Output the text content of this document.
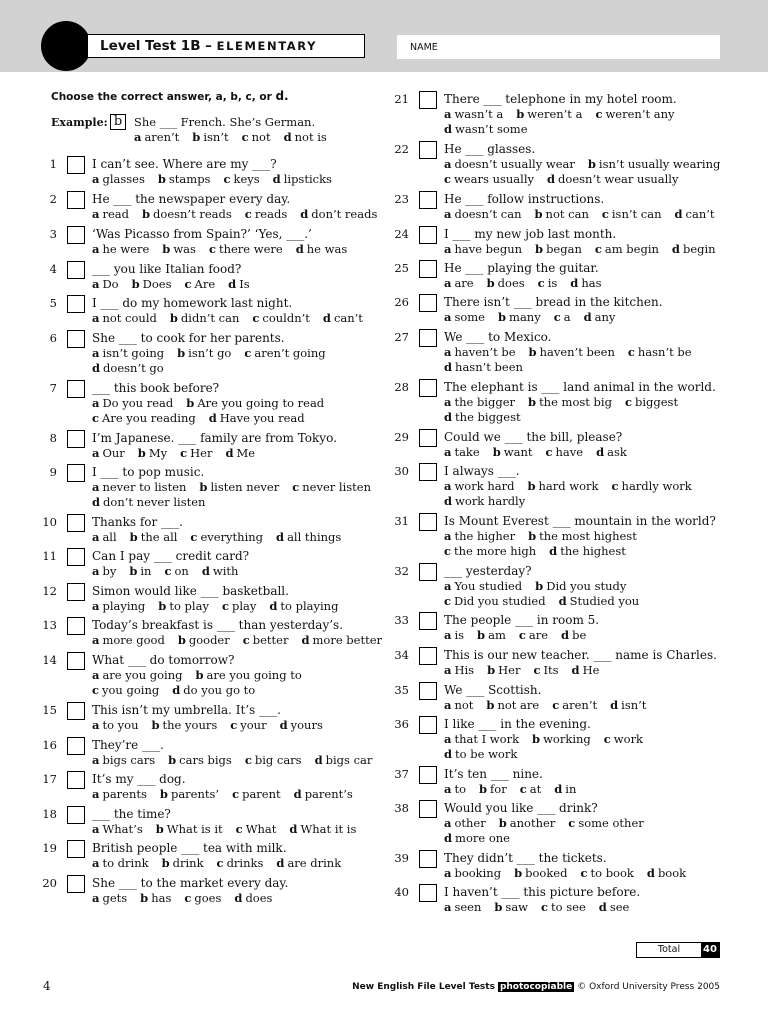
Level Test 1B – ELEMENTARY	NAME
Choose the correct answer, a, b, c, or d.
Example: b	She ___ French. She’s German.
a aren’t b isn’t c not d not is
1	I can’t see. Where are my ___?
a glasses b stamps c keys d lipsticks
2	He ___ the newspaper every day.
a read b doesn’t reads c reads d don’t reads
3	‘Was Picasso from Spain?’ ‘Yes, ___.’
a he were b was c there were d he was
4	___ you like Italian food?
a Do b Does c Are d Is
5	I ___ do my homework last night.
a not could b didn’t can c couldn’t d can’t
6	She ___ to cook for her parents.
a isn’t going b isn’t go c aren’t going
d doesn’t go
7	___ this book before?
a Do you read b Are you going to read
c Are you reading d Have you read
8	I’m Japanese. ___ family are from Tokyo.
a Our b My c Her d Me
9	I ___ to pop music.
a never to listen b listen never c never listen
d don’t never listen
10	Thanks for ___.
a all b the all c everything d all things
11	Can I pay ___ credit card?
a by b in c on d with
12	Simon would like ___ basketball.
a playing b to play c play d to playing
13	Today’s breakfast is ___ than yesterday’s.
a more good b gooder c better d more better
14	What ___ do tomorrow?
a are you going b are you going to
c you going d do you go to
15	This isn’t my umbrella. It’s ___.
a to you b the yours c your d yours
16	They’re ___.
a bigs cars b cars bigs c big cars d bigs car
17	It’s my ___ dog.
a parents b parents’ c parent d parent’s
18	___ the time?
a What’s b What is it c What d What it is
19	British people ___ tea with milk.
a to drink b drink c drinks d are drink
20	She ___ to the market every day.
a gets b has c goes d does
21	There ___ telephone in my hotel room.
a wasn’t a b weren’t a c weren’t any
d wasn’t some
22	He ___ glasses.
a doesn’t usually wear b isn’t usually wearing
c wears usually d doesn’t wear usually
23	He ___ follow instructions.
a doesn’t can b not can c isn’t can d can’t
24	I ___ my new job last month.
a have begun b began c am begin d begin
25	He ___ playing the guitar.
a are b does c is d has
26	There isn’t ___ bread in the kitchen.
a some b many c a d any
27	We ___ to Mexico.
a haven’t be b haven’t been c hasn’t be
d hasn’t been
28	The elephant is ___ land animal in the world.
a the bigger b the most big c biggest
d the biggest
29	Could we ___ the bill, please?
a take b want c have d ask
30	I always ___.
a work hard b hard work c hardly work
d work hardly
31	Is Mount Everest ___ mountain in the world?
a the higher b the most highest
c the more high d the highest
32	___ yesterday?
a You studied b Did you study
c Did you studied d Studied you
33	The people ___ in room 5.
a is b am c are d be
34	This is our new teacher. ___ name is Charles.
a His b Her c Its d He
35	We ___ Scottish.
a not b not are c aren’t d isn’t
36	I like ___ in the evening.
a that I work b working c work
d to be work
37	It’s ten ___ nine.
a to b for c at d in
38	Would you like ___ drink?
a other b another c some other
d more one
39	They didn’t ___ the tickets.
a booking b booked c to book d book
40	I haven’t ___ this picture before.
a seen b saw c to see d see
Total	40
4	New English File Level Tests photocopiable © Oxford University Press 2005
